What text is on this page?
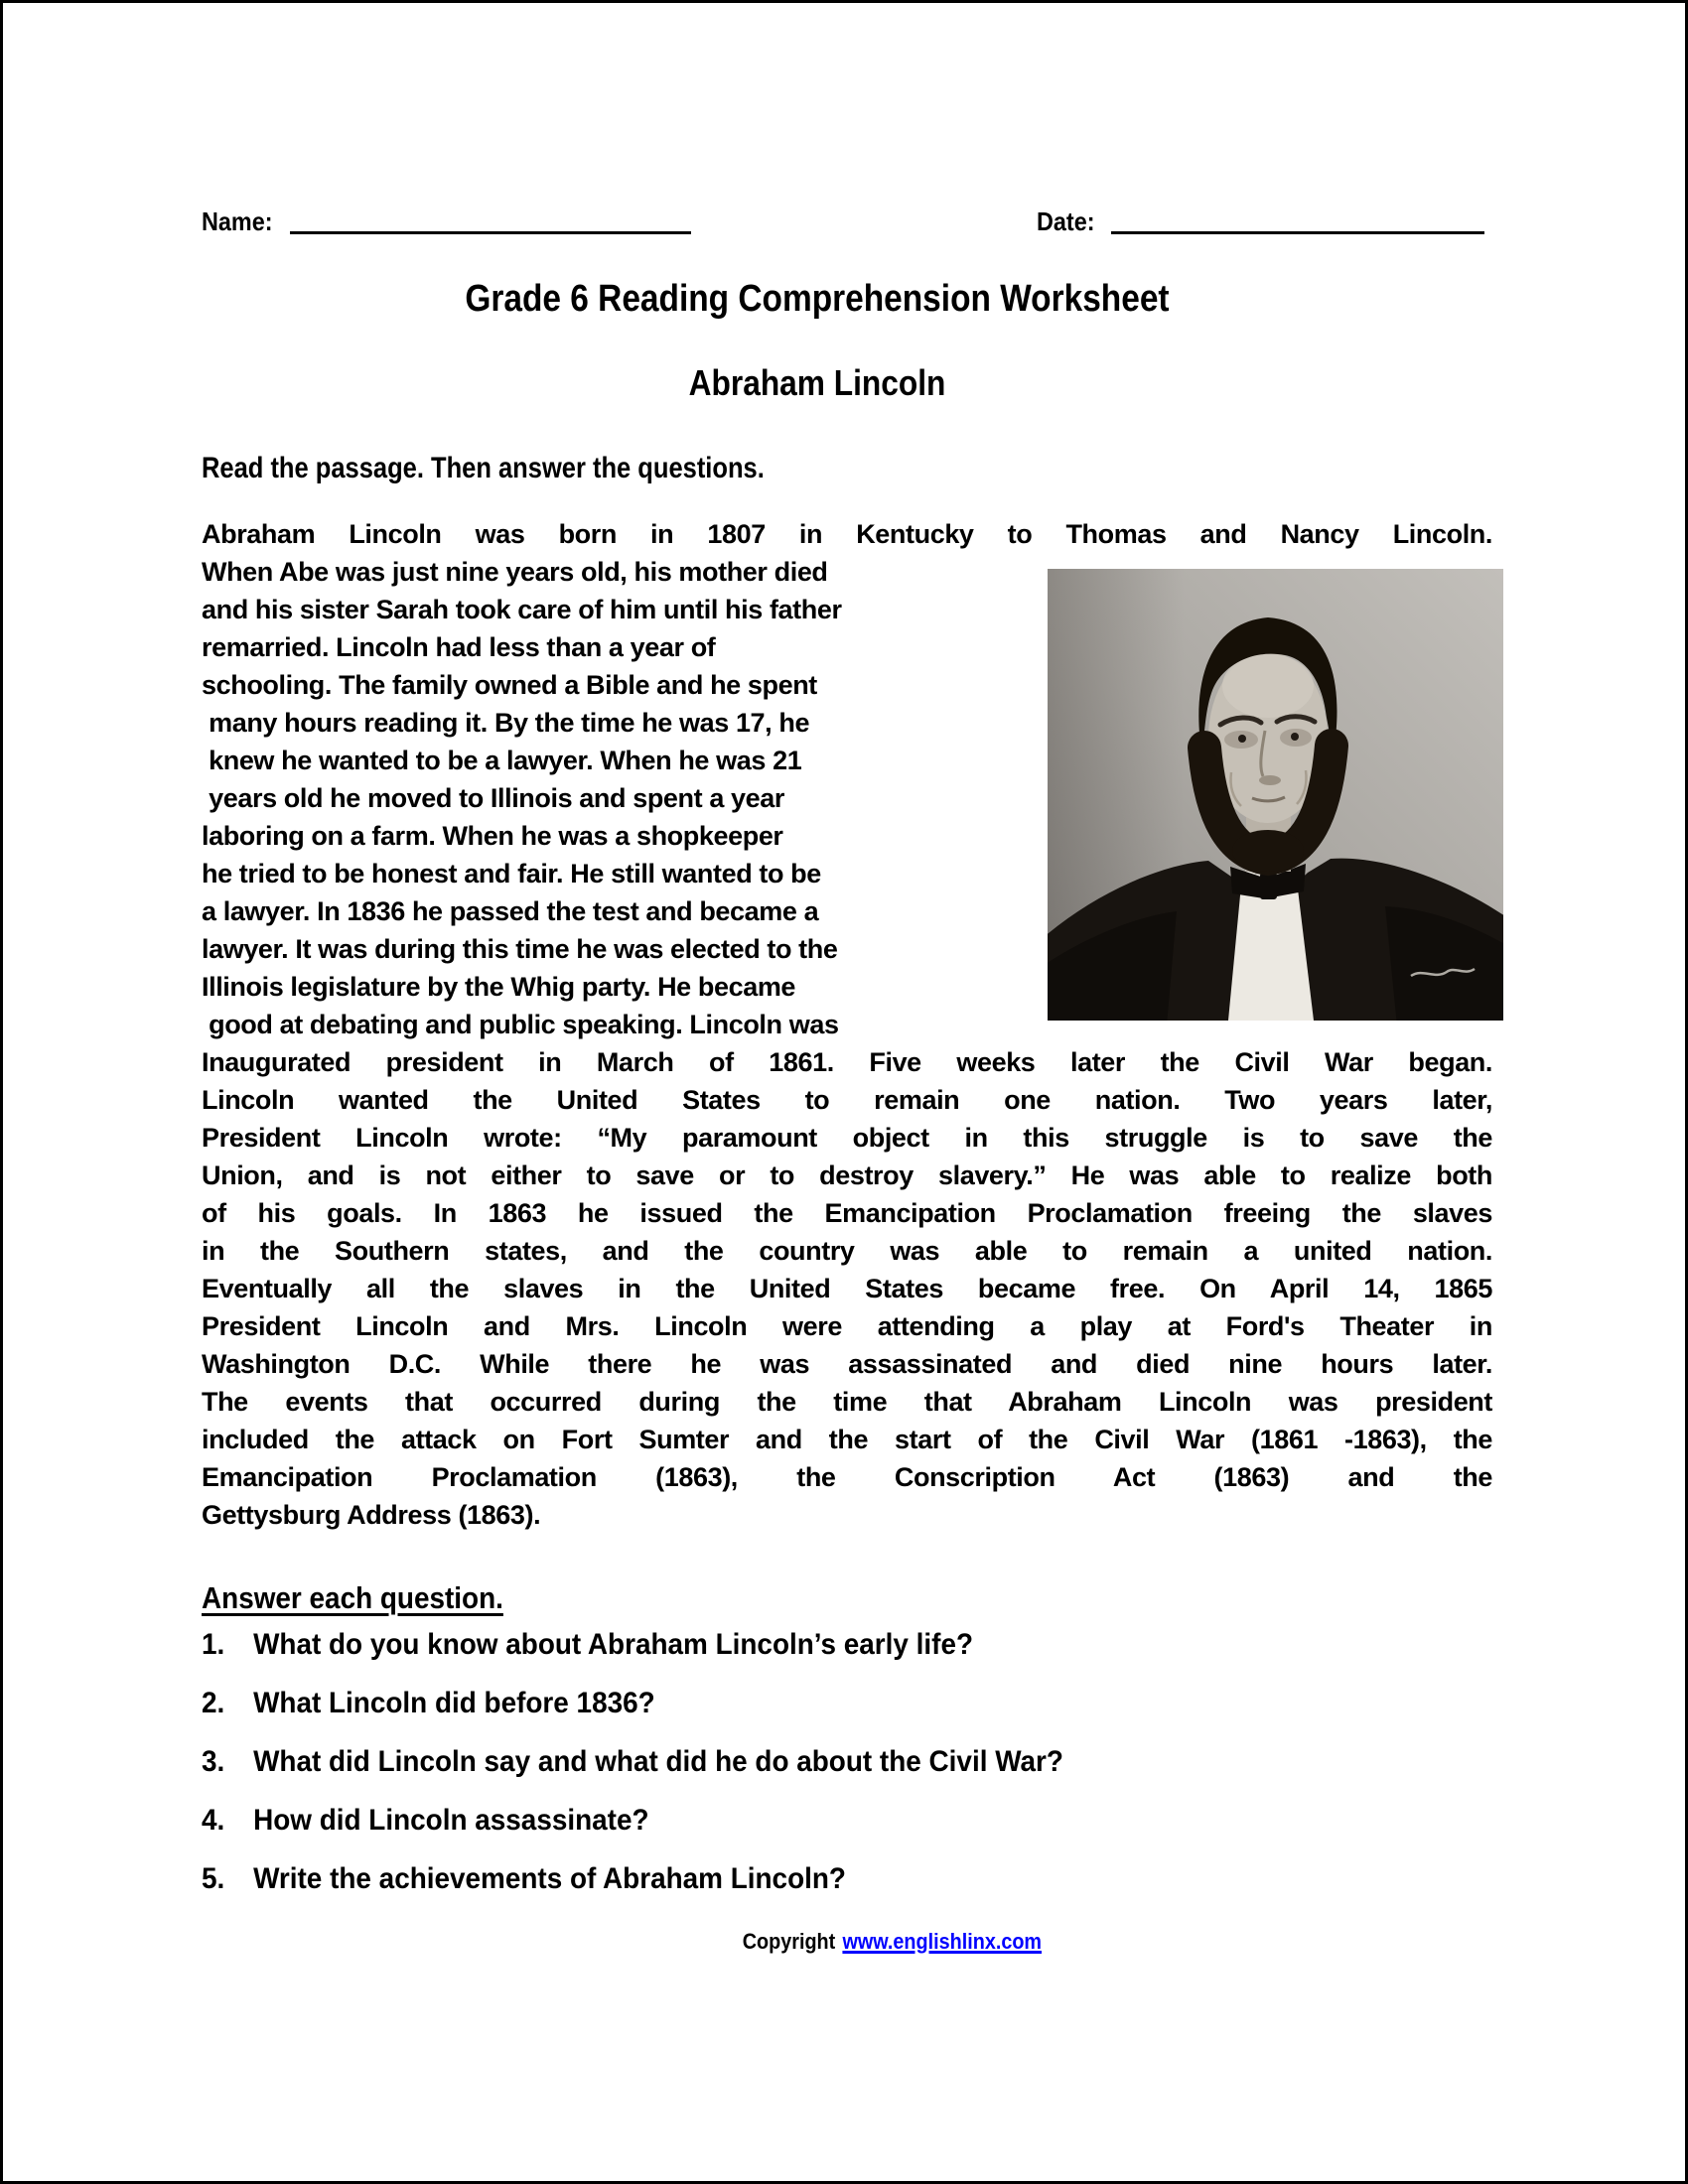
Name:	Date:
Grade 6 Reading Comprehension Worksheet
Abraham Lincoln
Read the passage. Then answer the questions.
Abraham Lincoln was born in 1807 in Kentucky to Thomas and Nancy Lincoln.
When Abe was just nine years old, his mother died
and his sister Sarah took care of him until his father
remarried. Lincoln had less than a year of
schooling. The family owned a Bible and he spent
many hours reading it. By the time he was 17, he
knew he wanted to be a lawyer. When he was 21
years old he moved to Illinois and spent a year
laboring on a farm. When he was a shopkeeper
he tried to be honest and fair. He still wanted to be
a lawyer. In 1836 he passed the test and became a
lawyer. It was during this time he was elected to the
Illinois legislature by the Whig party. He became
good at debating and public speaking. Lincoln was
Inaugurated president in March of 1861. Five weeks later the Civil War began.
Lincoln wanted the United States to remain one nation. Two years later,
President Lincoln wrote: “My paramount object in this struggle is to save the
Union, and is not either to save or to destroy slavery.” He was able to realize both
of his goals. In 1863 he issued the Emancipation Proclamation freeing the slaves
in the Southern states, and the country was able to remain a united nation.
Eventually all the slaves in the United States became free. On April 14, 1865
President Lincoln and Mrs. Lincoln were attending a play at Ford's Theater in
Washington D.C. While there he was assassinated and died nine hours later.
The events that occurred during the time that Abraham Lincoln was president
included the attack on Fort Sumter and the start of the Civil War (1861 -1863), the
Emancipation Proclamation (1863), the Conscription Act (1863) and the
Gettysburg Address (1863).
Answer each question.
1. What do you know about Abraham Lincoln’s early life?
2. What Lincoln did before 1836?
3. What did Lincoln say and what did he do about the Civil War?
4. How did Lincoln assassinate?
5. Write the achievements of Abraham Lincoln?
Copyright www.englishlinx.com
